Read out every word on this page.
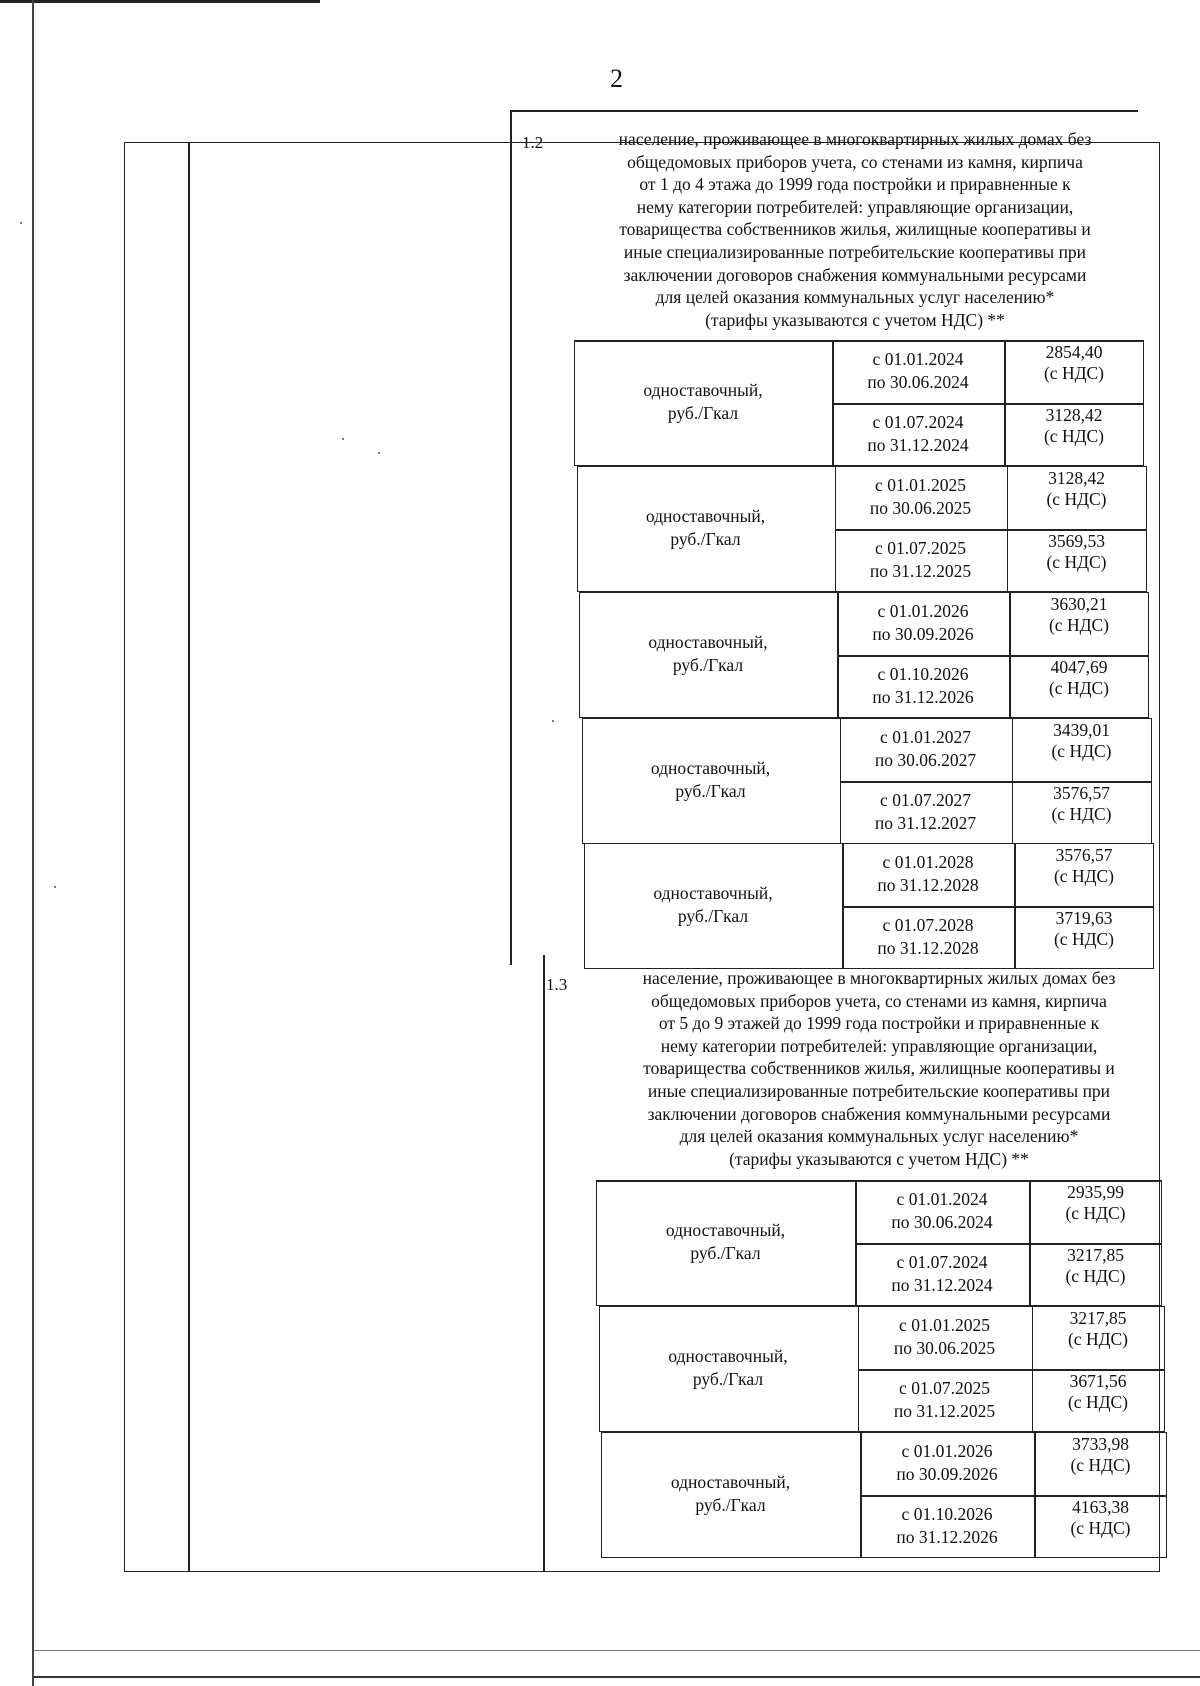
2
1.2	население, проживающее в многоквартирных жилых домах без
общедомовых приборов учета, со стенами из камня, кирпича
от 1 до 4 этажа до 1999 года постройки и приравненные к
нему категории потребителей: управляющие организации,
товарищества собственников жилья, жилищные кооперативы и
иные специализированные потребительские кооперативы при
заключении договоров снабжения коммунальными ресурсами
для целей оказания коммунальных услуг населению*
(тарифы указываются с учетом НДС) **
одноставочный,
руб./Гкал
с 01.01.2024
по 30.06.2024
2854,40
(с НДС)
с 01.07.2024
по 31.12.2024
3128,42
(с НДС)
одноставочный,
руб./Гкал
с 01.01.2025
по 30.06.2025
3128,42
(с НДС)
с 01.07.2025
по 31.12.2025
3569,53
(с НДС)
одноставочный,
руб./Гкал
с 01.01.2026
по 30.09.2026
3630,21
(с НДС)
с 01.10.2026
по 31.12.2026
4047,69
(с НДС)
одноставочный,
руб./Гкал
с 01.01.2027
по 30.06.2027
3439,01
(с НДС)
с 01.07.2027
по 31.12.2027
3576,57
(с НДС)
одноставочный,
руб./Гкал
с 01.01.2028
по 31.12.2028
3576,57
(с НДС)
с 01.07.2028
по 31.12.2028
3719,63
(с НДС)
1.3	население, проживающее в многоквартирных жилых домах без
общедомовых приборов учета, со стенами из камня, кирпича
от 5 до 9 этажей до 1999 года постройки и приравненные к
нему категории потребителей: управляющие организации,
товарищества собственников жилья, жилищные кооперативы и
иные специализированные потребительские кооперативы при
заключении договоров снабжения коммунальными ресурсами
для целей оказания коммунальных услуг населению*
(тарифы указываются с учетом НДС) **
одноставочный,
руб./Гкал
с 01.01.2024
по 30.06.2024
2935,99
(с НДС)
с 01.07.2024
по 31.12.2024
3217,85
(с НДС)
одноставочный,
руб./Гкал
с 01.01.2025
по 30.06.2025
3217,85
(с НДС)
с 01.07.2025
по 31.12.2025
3671,56
(с НДС)
одноставочный,
руб./Гкал
с 01.01.2026
по 30.09.2026
3733,98
(с НДС)
с 01.10.2026
по 31.12.2026
4163,38
(с НДС)
